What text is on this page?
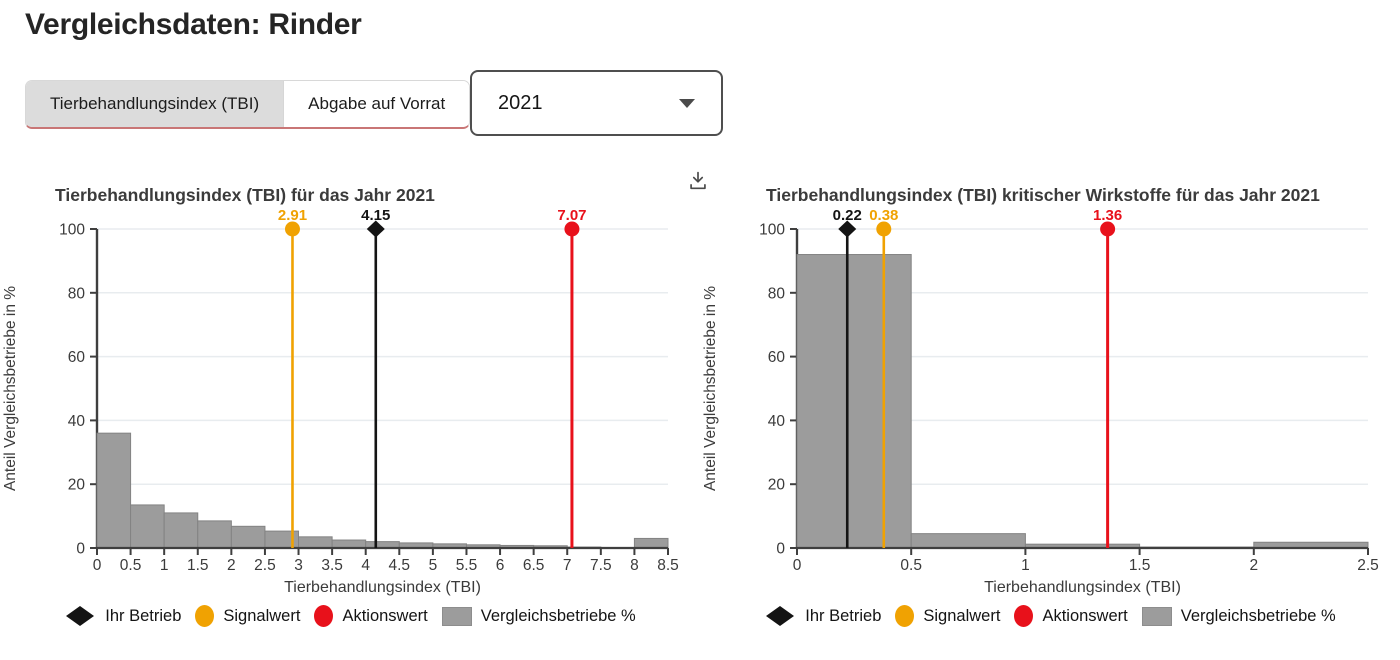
Vergleichsdaten: Rinder
Tierbehandlungsindex (TBI)	Abgabe auf Vorrat	2021
Tierbehandlungsindex (TBI) für das Jahr 2021
Anteil Vergleichsbetriebe in %
0
20
40
60
80
100
0 0.5 1 1.5 2 2.5 3 3.5 4 4.5 5 5.5 6 6.5 7 7.5 8 8.5
Tierbehandlungsindex (TBI)
2.91	4.15	7.07
Ihr Betrieb	Signalwert	Aktionswert	Vergleichsbetriebe %
Tierbehandlungsindex (TBI) kritischer Wirkstoffe für das Jahr 2021
Anteil Vergleichsbetriebe in %
0
20
40
60
80
100
0	0.5	1	1.5	2	2.5
Tierbehandlungsindex (TBI)
0.22 0.38	1.36
Ihr Betrieb	Signalwert	Aktionswert	Vergleichsbetriebe %
